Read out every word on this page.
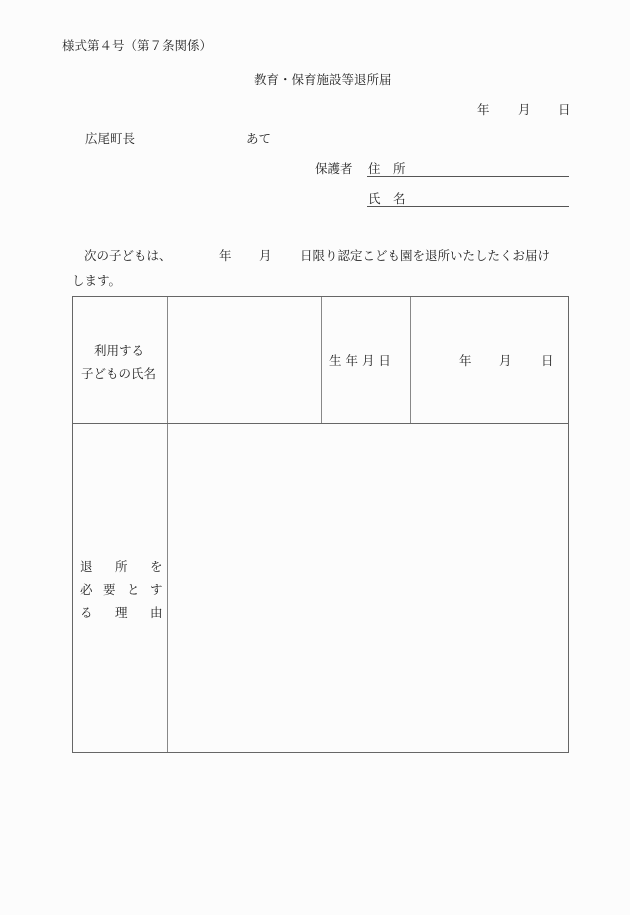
様式第４号（第７条関係）
教育・保育施設等退所届
年 月 日
広尾町長	あて
保護者 住　所
氏　名
次の子どもは、	年 月 日限り認定こども園を退所いたしたくお届け
します。
利用する
子どもの氏名
生 年 月 日	年 月 日
退 所 を
必 要 と す
る 理 由
